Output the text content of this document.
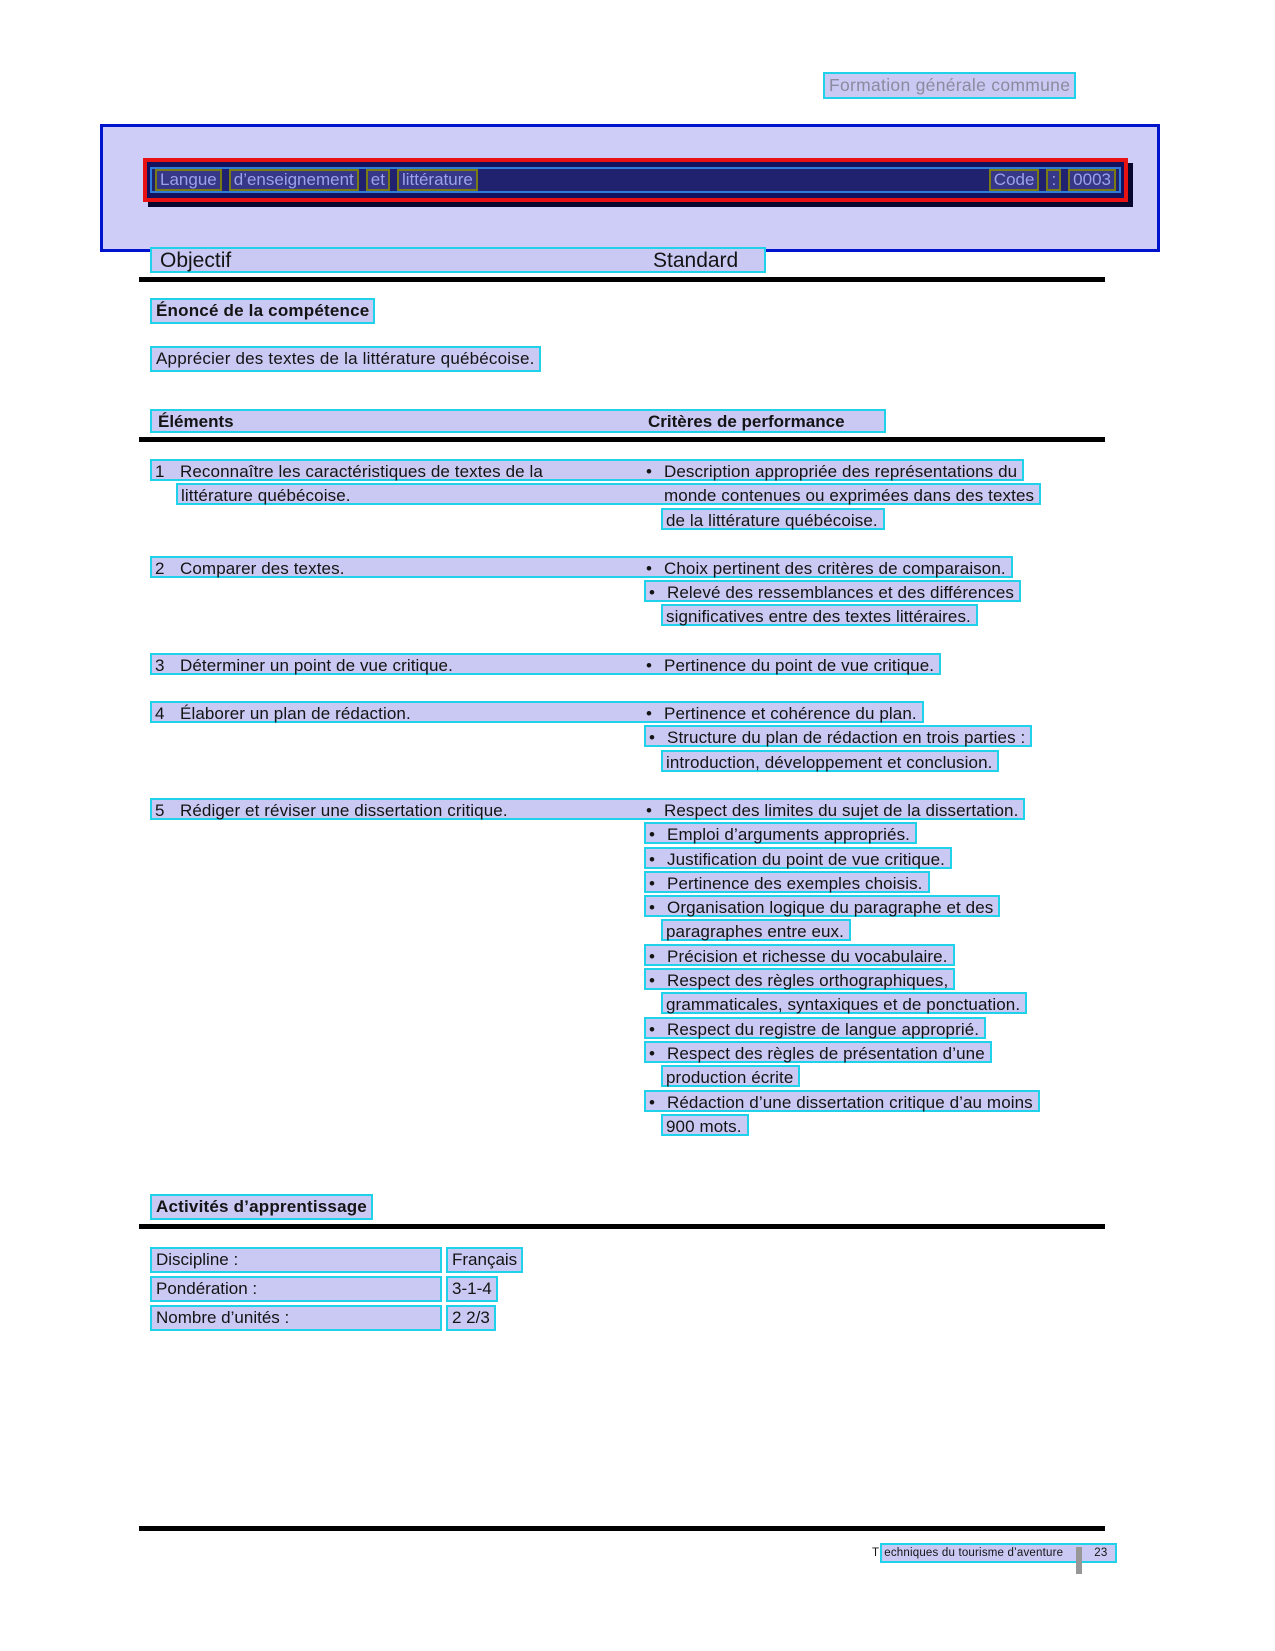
Formation générale commune
Langue d’enseignement et littérature	Code : 0003
Objectif	Standard
Énoncé de la compétence
Apprécier des textes de la littérature québécoise.
Éléments	Critères de performance
1 Reconnaître les caractéristiques de textes de la	• Description appropriée des représentations du
littérature québécoise.	monde contenues ou exprimées dans des textes
de la littérature québécoise.
2 Comparer des textes.	• Choix pertinent des critères de comparaison.
• Relevé des ressemblances et des différences
significatives entre des textes littéraires.
3 Déterminer un point de vue critique.	• Pertinence du point de vue critique.
4 Élaborer un plan de rédaction.	• Pertinence et cohérence du plan.
• Structure du plan de rédaction en trois parties :
introduction, développement et conclusion.
5 Rédiger et réviser une dissertation critique.	• Respect des limites du sujet de la dissertation.
• Emploi d’arguments appropriés.
• Justification du point de vue critique.
• Pertinence des exemples choisis.
• Organisation logique du paragraphe et des
paragraphes entre eux.
• Précision et richesse du vocabulaire.
• Respect des règles orthographiques,
grammaticales, syntaxiques et de ponctuation.
• Respect du registre de langue approprié.
• Respect des règles de présentation d’une
production écrite
• Rédaction d’une dissertation critique d’au moins
900 mots.
Activités d’apprentissage
Discipline :	Français
Pondération :	3-1-4
Nombre d’unités :	2 2/3
T echniques du tourisme d’aventure	23
